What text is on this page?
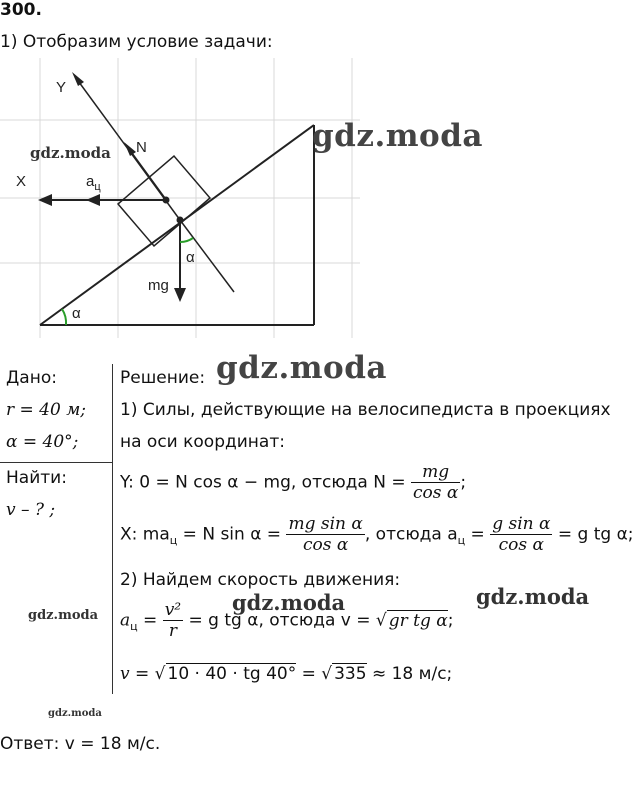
300.
1) Отобразим условие задачи:
Y
X
N
$a_ц$
mg
α
α
gdz.moda
gdz.moda
gdz.moda
gdz.moda
gdz.moda	gdz.moda
gdz.moda
Дано:
r = 40 м;
α = 40°;
Найти:
v – ? ;
Решение:
1) Силы, действующие на велосипедиста в проекциях
на оси координат:
Y: 0 = N cos α − mg, отсюда $N = \frac{mg}{\text{cos α}}$ ;
X: $ma_ц = N$ $\sin \alpha = \frac{\text{mg sin α}}{\text{cos α}}$ , отсюда $a_ц = \frac{\text{g sin α}}{\text{cos α}} = g$ tg α;
2) Найдем скорость движения:
$a_ц = \frac{\text{v²}}{r} = g$ tg α, отсюда v = √ gr tg α;
v = √ 10 · 40 · tg 40° = √ 335 ≈ 18 м/с;
Ответ: v = 18 м/с.
